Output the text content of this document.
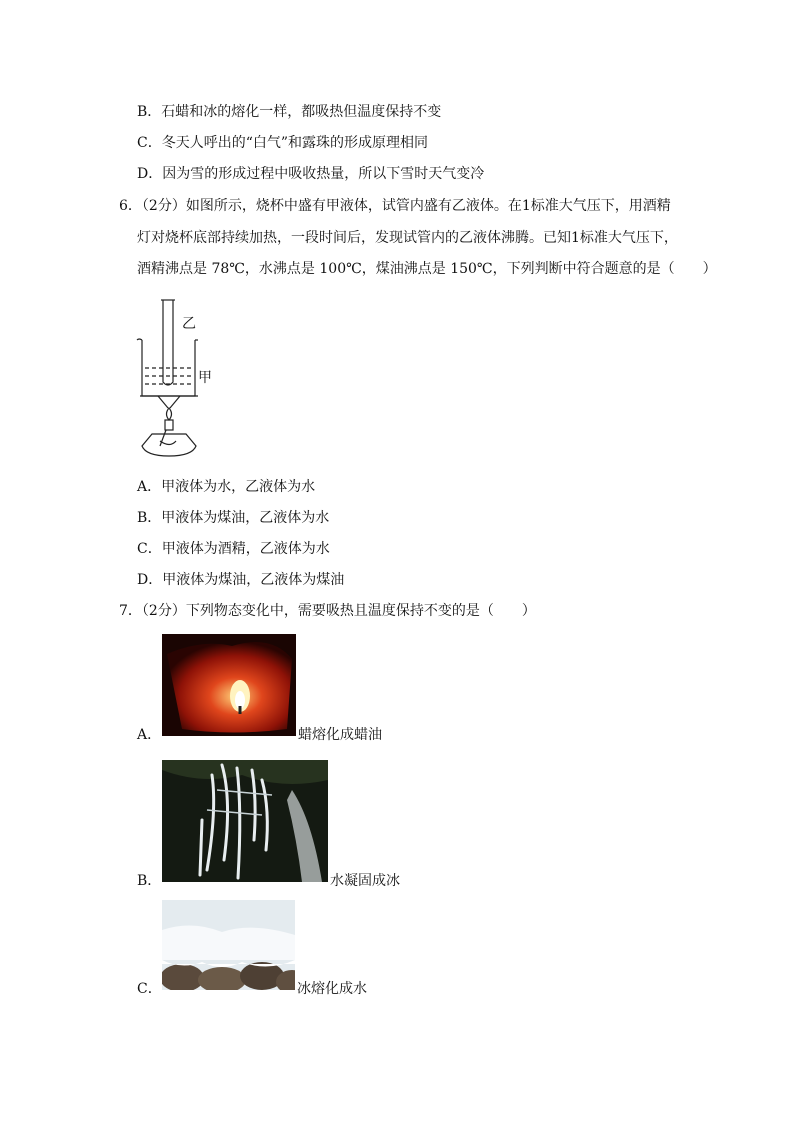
B．石蜡和冰的熔化一样，都吸热但温度保持不变
C．冬天人呼出的“白气”和露珠的形成原理相同
D．因为雪的形成过程中吸收热量，所以下雪时天气变冷
6．（2分）如图所示，烧杯中盛有甲液体，试管内盛有乙液体。在1标准大气压下，用酒精
灯对烧杯底部持续加热，一段时间后，发现试管内的乙液体沸腾。已知1标准大气压下，
酒精沸点是 78℃，水沸点是 100℃，煤油沸点是 150℃，下列判断中符合题意的是（　　）
乙
甲
A．甲液体为水，乙液体为水
B．甲液体为煤油，乙液体为水
C．甲液体为酒精，乙液体为水
D．甲液体为煤油，乙液体为煤油
7．（2分）下列物态变化中，需要吸热且温度保持不变的是（　　）
A．	蜡熔化成蜡油
B．	水凝固成冰
C．	冰熔化成水
